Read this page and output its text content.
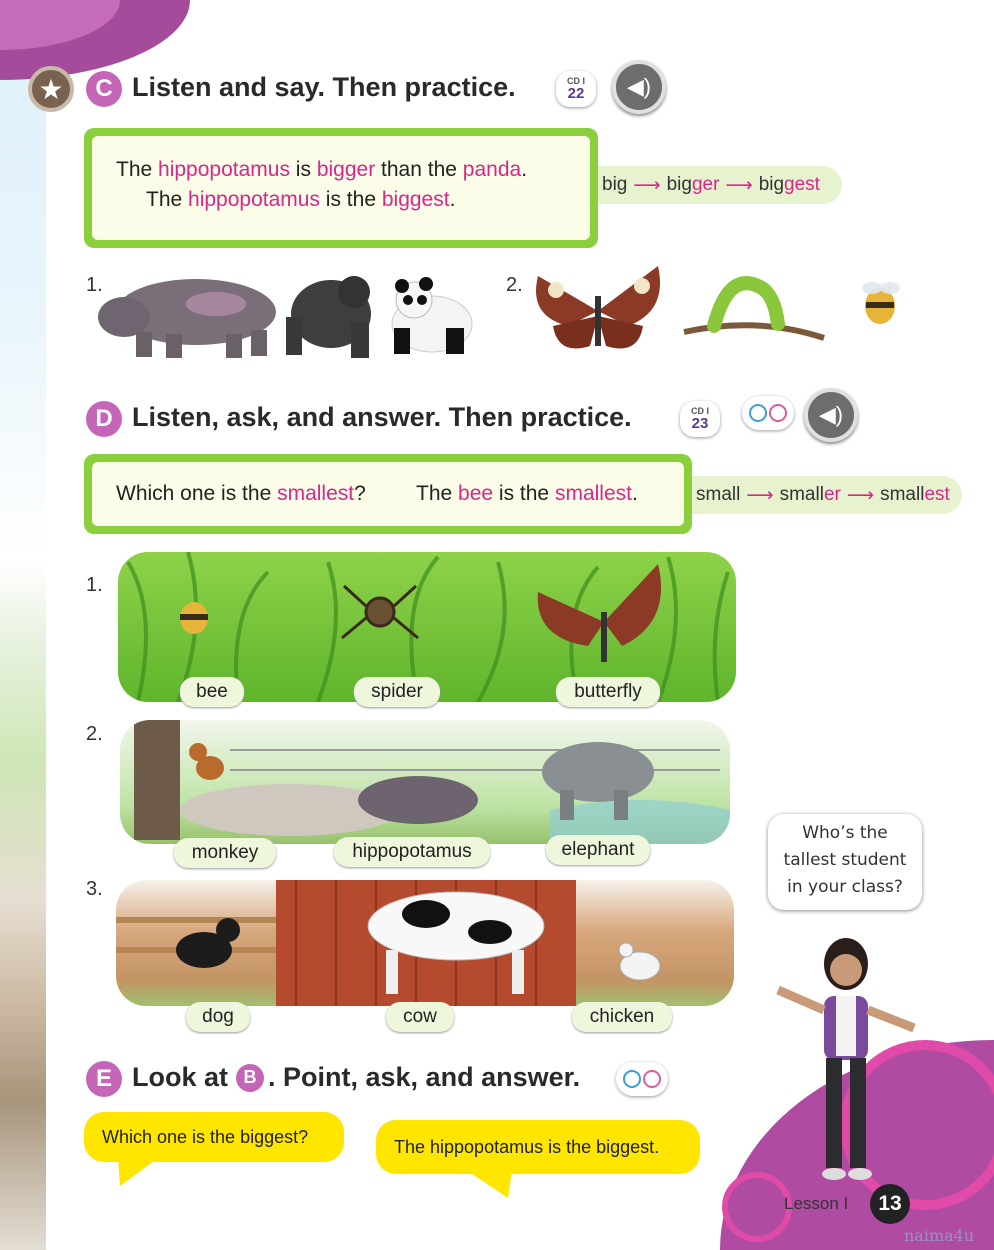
★	C Listen and say. Then practice.	CD I
22	◀)
big ⟶ big ger ⟶ big gest
The hippopotamus is bigger than the panda.
The hippopotamus is the biggest.
1.	2.
D Listen, ask, and answer. Then practice.	CD I
23	◀)
small ⟶ small er ⟶ small est
Which one is the smallest? The bee is the smallest.
1.
bee	spider	butterfly
2.
monkey	hippopotamus	elephant
3.
dog	cow	chicken
Who’s the
tallest student
in your class?
E Look at B . Point, ask, and answer.
Which one is the biggest?	The hippopotamus is the biggest.
Lesson I	13
naima4u
